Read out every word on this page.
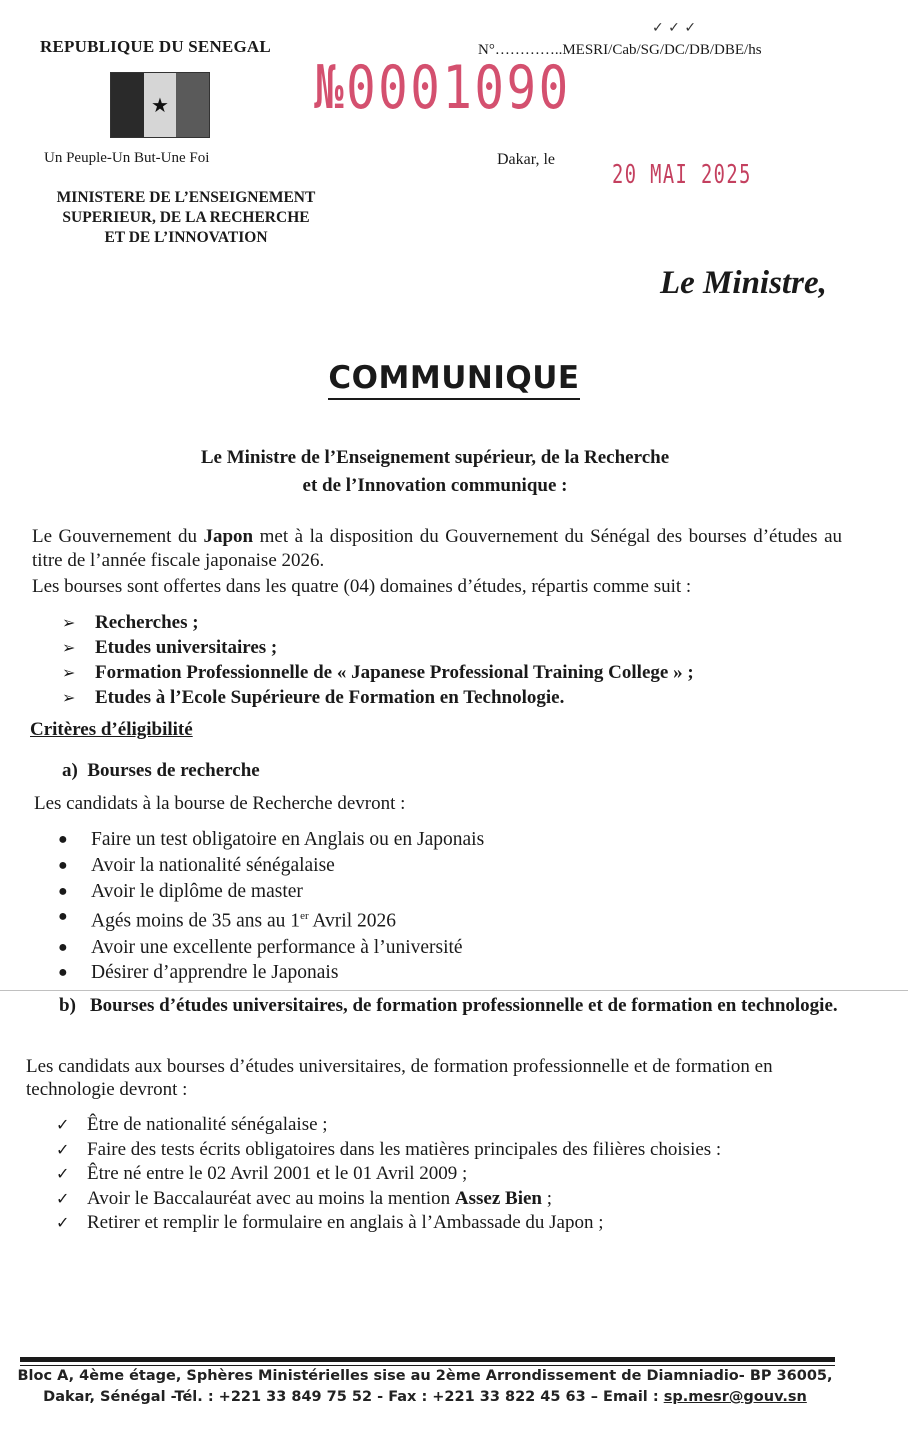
REPUBLIQUE DU SENEGAL
★
Un Peuple-Un But-Une Foi
MINISTERE DE L’ENSEIGNEMENT
SUPERIEUR, DE LA RECHERCHE
ET DE L’INNOVATION
✓ ✓ ✓
N°…………..MESRI/Cab/SG/DC/DB/DBE/hs
№0001090
Dakar, le
20 MAI 2025
Le Ministre,
COMMUNIQUE
Le Ministre de l’Enseignement supérieur, de la Recherche
et de l’Innovation communique :
Le Gouvernement du Japon met à la disposition du Gouvernement du Sénégal des bourses d’études au titre de l’année fiscale japonaise 2026.
Les bourses sont offertes dans les quatre (04) domaines d’études, répartis comme suit :
➢	Recherches ;
➢	Etudes universitaires ;
➢	Formation Professionnelle de « Japanese Professional Training College » ;
➢	Etudes à l’Ecole Supérieure de Formation en Technologie.
Critères d’éligibilité
a) Bourses de recherche
Les candidats à la bourse de Recherche devront :
●	Faire un test obligatoire en Anglais ou en Japonais
●	Avoir la nationalité sénégalaise
●	Avoir le diplôme de master
●	Agés moins de 35 ans au 1er Avril 2026
●	Avoir une excellente performance à l’université
●	Désirer d’apprendre le Japonais
b) Bourses d’études universitaires, de formation professionnelle et de formation en technologie.
Les candidats aux bourses d’études universitaires, de formation professionnelle et de formation en technologie devront :
✓ Être de nationalité sénégalaise ;
✓ Faire des tests écrits obligatoires dans les matières principales des filières choisies :
✓ Être né entre le 02 Avril 2001 et le 01 Avril 2009 ;
✓ Avoir le Baccalauréat avec au moins la mention Assez Bien ;
✓ Retirer et remplir le formulaire en anglais à l’Ambassade du Japon ;
Bloc A, 4ème étage, Sphères Ministérielles sise au 2ème Arrondissement de Diamniadio- BP 36005,
Dakar, Sénégal -Tél. : +221 33 849 75 52 - Fax : +221 33 822 45 63 – Email : sp.mesr@gouv.sn
